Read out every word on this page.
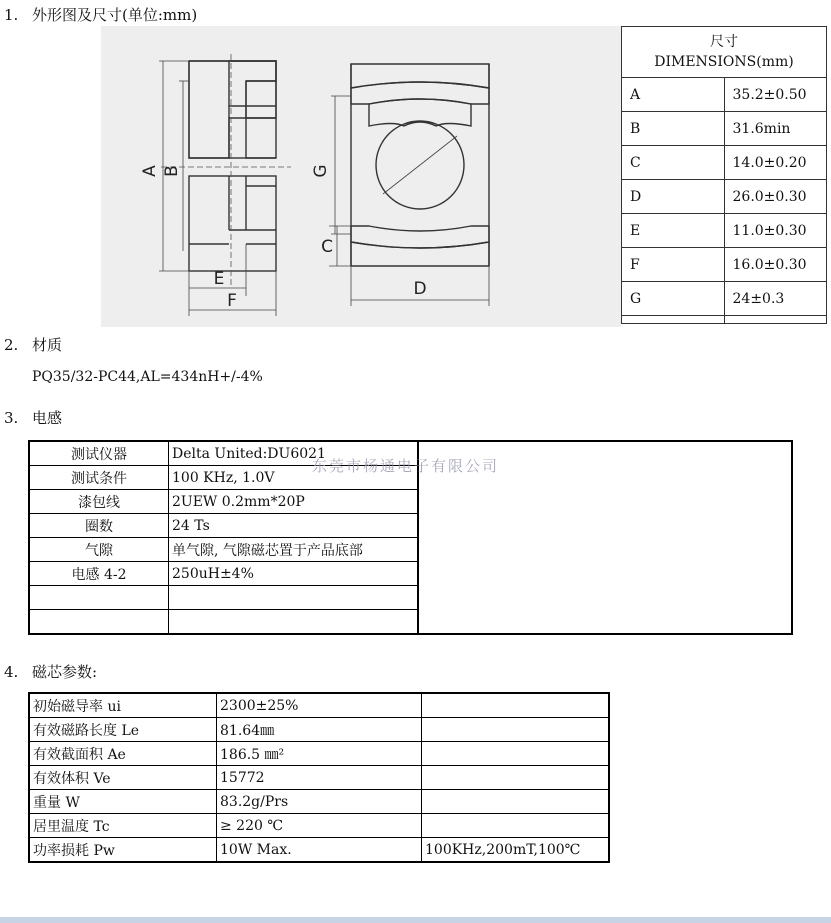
1. 外形图及尺寸(单位:mm)
A B
E
F
G
C
D
尺寸
DIMENSIONS(mm)	

A	35.2±0.50
B	31.6min
C	14.0±0.20
D	26.0±0.30
E	11.0±0.30
F	16.0±0.30
G	24±0.3

2. 材质
PQ35/32-PC44,AL=434nH+/-4%
3. 电感
测试仪器	Delta United:DU6021	
测试条件	100 KHz, 1.0V	
漆包线	2UEW 0.2mm*20P	
圈数	24 Ts	
气隙	单气隙, 气隙磁芯置于产品底部	
电感 4-2	250uH±4%	

东莞市杨通电子有限公司
4. 磁芯参数:
初始磁导率 ui	2300±25%	
有效磁路长度 Le	81.64㎜	
有效截面积 Ae	186.5 ㎜²	
有效体积 Ve	15772	
重量 W	83.2g/Prs	
居里温度 Tc	≥ 220 ℃	
功率损耗 Pw	10W Max.	100KHz,200mT,100℃
